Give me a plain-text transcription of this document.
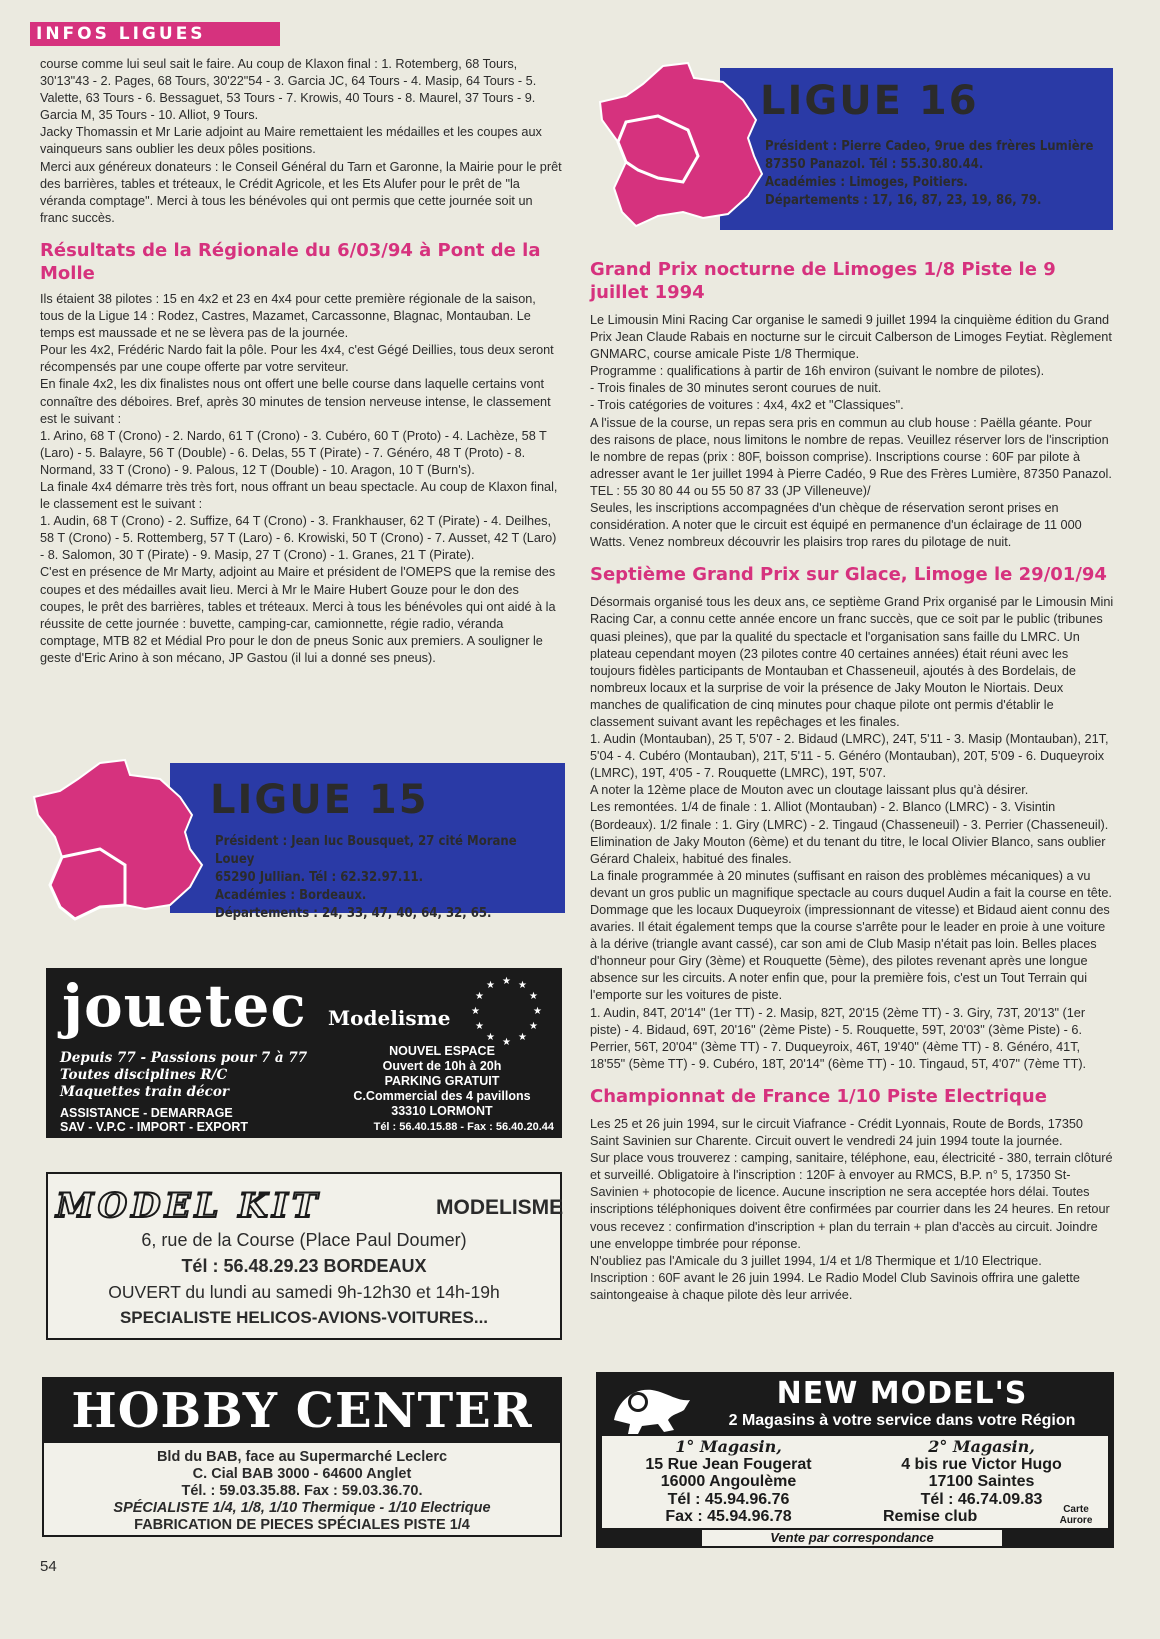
INFOS LIGUES

course comme lui seul sait le faire. Au coup de Klaxon final : 1. Rotemberg, 68 Tours, 30'13"43 - 2. Pages, 68 Tours, 30'22"54 - 3. Garcia JC, 64 Tours - 4. Masip, 64 Tours - 5. Valette, 63 Tours - 6. Bessaguet, 53 Tours - 7. Krowis, 40 Tours - 8. Maurel, 37 Tours - 9. Garcia M, 35 Tours - 10. Alliot, 9 Tours.

Jacky Thomassin et Mr Larie adjoint au Maire remettaient les médailles et les coupes aux vainqueurs sans oublier les deux pôles positions.

Merci aux généreux donateurs : le Conseil Général du Tarn et Garonne, la Mairie pour le prêt des barrières, tables et tréteaux, le Crédit Agricole, et les Ets Alufer pour le prêt de "la véranda comptage". Merci à tous les bénévoles qui ont permis que cette journée soit un franc succès.

Résultats de la Régionale du 6/03/94 à Pont de la Molle

Ils étaient 38 pilotes : 15 en 4x2 et 23 en 4x4 pour cette première régionale de la saison, tous de la Ligue 14 : Rodez, Castres, Mazamet, Carcassonne, Blagnac, Montauban. Le temps est maussade et ne se lèvera pas de la journée.

Pour les 4x2, Frédéric Nardo fait la pôle. Pour les 4x4, c'est Gégé Deillies, tous deux seront récompensés par une coupe offerte par votre serviteur.

En finale 4x2, les dix finalistes nous ont offert une belle course dans laquelle certains vont connaître des déboires. Bref, après 30 minutes de tension nerveuse intense, le classement est le suivant :

1. Arino, 68 T (Crono) - 2. Nardo, 61 T (Crono) - 3. Cubéro, 60 T (Proto) - 4. Lachèze, 58 T (Laro) - 5. Balayre, 56 T (Double) - 6. Delas, 55 T (Pirate) - 7. Généro, 48 T (Proto) - 8. Normand, 33 T (Crono) - 9. Palous, 12 T (Double) - 10. Aragon, 10 T (Burn's).

La finale 4x4 démarre très très fort, nous offrant un beau spectacle. Au coup de Klaxon final, le classement est le suivant :

1. Audin, 68 T (Crono) - 2. Suffize, 64 T (Crono) - 3. Frankhauser, 62 T (Pirate) - 4. Deilhes, 58 T (Crono) - 5. Rottemberg, 57 T (Laro) - 6. Krowiski, 50 T (Crono) - 7. Ausset, 42 T (Laro) - 8. Salomon, 30 T (Pirate) - 9. Masip, 27 T (Crono) - 1. Granes, 21 T (Pirate).

C'est en présence de Mr Marty, adjoint au Maire et président de l'OMEPS que la remise des coupes et des médailles avait lieu. Merci à Mr le Maire Hubert Gouze pour le don des coupes, le prêt des barrières, tables et tréteaux. Merci à tous les bénévoles qui ont aidé à la réussite de cette journée : buvette, camping-car, camionnette, régie radio, véranda comptage, MTB 82 et Médial Pro pour le don de pneus Sonic aux premiers. A souligner le geste d'Eric Arino à son mécano, JP Gastou (il lui a donné ses pneus).

LIGUE 15
Président : Jean luc Bousquet, 27 cité Morane Louey
65290 Jullian. Tél : 62.32.97.11.
Académies : Bordeaux.
Départements : 24, 33, 47, 40, 64, 32, 65.
LIGUE 16
Président : Pierre Cadeo, 9rue des frères Lumière
87350 Panazol. Tél : 55.30.80.44.
Académies : Limoges, Poitiers.
Départements : 17, 16, 87, 23, 19, 86, 79.
Grand Prix nocturne de Limoges 1/8 Piste le 9 juillet 1994

Le Limousin Mini Racing Car organise le samedi 9 juillet 1994 la cinquième édition du Grand Prix Jean Claude Rabais en nocturne sur le circuit Calberson de Limoges Feytiat. Règlement GNMARC, course amicale Piste 1/8 Thermique.

Programme : qualifications à partir de 16h environ (suivant le nombre de pilotes).

- Trois finales de 30 minutes seront courues de nuit.

- Trois catégories de voitures : 4x4, 4x2 et "Classiques".

A l'issue de la course, un repas sera pris en commun au club house : Paëlla géante. Pour des raisons de place, nous limitons le nombre de repas. Veuillez réserver lors de l'inscription le nombre de repas (prix : 80F, boisson comprise). Inscriptions course : 60F par pilote à adresser avant le 1er juillet 1994 à Pierre Cadéo, 9 Rue des Frères Lumière, 87350 Panazol. TEL : 55 30 80 44 ou 55 50 87 33 (JP Villeneuve)/

Seules, les inscriptions accompagnées d'un chèque de réservation seront prises en considération. A noter que le circuit est équipé en permanence d'un éclairage de 11 000 Watts. Venez nombreux découvrir les plaisirs trop rares du pilotage de nuit.

Septième Grand Prix sur Glace, Limoge le 29/01/94

Désormais organisé tous les deux ans, ce septième Grand Prix organisé par le Limousin Mini Racing Car, a connu cette année encore un franc succès, que ce soit par le public (tribunes quasi pleines), que par la qualité du spectacle et l'organisation sans faille du LMRC. Un plateau cependant moyen (23 pilotes contre 40 certaines années) était réuni avec les toujours fidèles participants de Montauban et Chasseneuil, ajoutés à des Bordelais, de nombreux locaux et la surprise de voir la présence de Jaky Mouton le Niortais. Deux manches de qualification de cinq minutes pour chaque pilote ont permis d'établir le classement suivant avant les repêchages et les finales.

1. Audin (Montauban), 25 T, 5'07 - 2. Bidaud (LMRC), 24T, 5'11 - 3. Masip (Montauban), 21T, 5'04 - 4. Cubéro (Montauban), 21T, 5'11 - 5. Généro (Montauban), 20T, 5'09 - 6. Duqueyroix (LMRC), 19T, 4'05 - 7. Rouquette (LMRC), 19T, 5'07.

A noter la 12ème place de Mouton avec un cloutage laissant plus qu'à désirer.

Les remontées. 1/4 de finale : 1. Alliot (Montauban) - 2. Blanco (LMRC) - 3. Visintin (Bordeaux). 1/2 finale : 1. Giry (LMRC) - 2. Tingaud (Chasseneuil) - 3. Perrier (Chasseneuil). Elimination de Jaky Mouton (6ème) et du tenant du titre, le local Olivier Blanco, sans oublier Gérard Chaleix, habitué des finales.

La finale programmée à 20 minutes (suffisant en raison des problèmes mécaniques) a vu devant un gros public un magnifique spectacle au cours duquel Audin a fait la course en tête. Dommage que les locaux Duqueyroix (impressionnant de vitesse) et Bidaud aient connu des avaries. Il était également temps que la course s'arrête pour le leader en proie à une voiture à la dérive (triangle avant cassé), car son ami de Club Masip n'était pas loin. Belles places d'honneur pour Giry (3ème) et Rouquette (5ème), des pilotes revenant après une longue absence sur les circuits. A noter enfin que, pour la première fois, c'est un Tout Terrain qui l'emporte sur les voitures de piste.

1. Audin, 84T, 20'14" (1er TT) - 2. Masip, 82T, 20'15 (2ème TT) - 3. Giry, 73T, 20'13" (1er piste) - 4. Bidaud, 69T, 20'16" (2ème Piste) - 5. Rouquette, 59T, 20'03" (3ème Piste) - 6. Perrier, 56T, 20'04" (3ème TT) - 7. Duqueyroix, 46T, 19'40" (4ème TT) - 8. Généro, 41T, 18'55" (5ème TT) - 9. Cubéro, 18T, 20'14" (6ème TT) - 10. Tingaud, 5T, 4'07" (7ème TT).

Championnat de France 1/10 Piste Electrique

Les 25 et 26 juin 1994, sur le circuit Viafrance - Crédit Lyonnais, Route de Bords, 17350 Saint Savinien sur Charente. Circuit ouvert le vendredi 24 juin 1994 toute la journée.

Sur place vous trouverez : camping, sanitaire, téléphone, eau, électricité - 380, terrain clôturé et surveillé. Obligatoire à l'inscription : 120F à envoyer au RMCS, B.P. n° 5, 17350 St-Savinien + photocopie de licence. Aucune inscription ne sera acceptée hors délai. Toutes inscriptions téléphoniques doivent être confirmées par courrier dans les 24 heures. En retour vous recevez : confirmation d'inscription + plan du terrain + plan d'accès au circuit. Joindre une enveloppe timbrée pour réponse.

N'oubliez pas l'Amicale du 3 juillet 1994, 1/4 et 1/8 Thermique et 1/10 Electrique.

Inscription : 60F avant le 26 juin 1994. Le Radio Model Club Savinois offrira une galette saintongeaise à chaque pilote dès leur arrivée.

jouetec Modelisme
★ ★
★
★
★
★
★
★
★
★
★
★
Depuis 77 - Passions pour 7 à 77
Toutes disciplines R/C
Maquettes train décor
ASSISTANCE - DEMARRAGE
SAV - V.P.C - IMPORT - EXPORT
NOUVEL ESPACE
Ouvert de 10h à 20h
PARKING GRATUIT
C.Commercial des 4 pavillons
33310 LORMONT
Tél : 56.40.15.88 - Fax : 56.40.20.44
MODEL KIT	MODELISME
6, rue de la Course (Place Paul Doumer)
Tél : 56.48.29.23 BORDEAUX
OUVERT du lundi au samedi 9h-12h30 et 14h-19h
SPECIALISTE HELICOS-AVIONS-VOITURES...
HOBBY CENTER
Bld du BAB, face au Supermarché Leclerc
C. Cial BAB 3000 - 64600 Anglet
Tél. : 59.03.35.88. Fax : 59.03.36.70.
SPÉCIALISTE 1/4, 1/8, 1/10 Thermique - 1/10 Electrique
FABRICATION DE PIECES SPÉCIALES PISTE 1/4
NEW MODEL'S
2 Magasins à votre service dans votre Région
1° Magasin,
15 Rue Jean Fougerat
16000 Angoulème
Tél : 45.94.96.76
Fax : 45.94.96.78
2° Magasin,
4 bis rue Victor Hugo
17100 Saintes
Tél : 46.74.09.83
Remise club	Carte Aurore
Vente par correspondance
54
